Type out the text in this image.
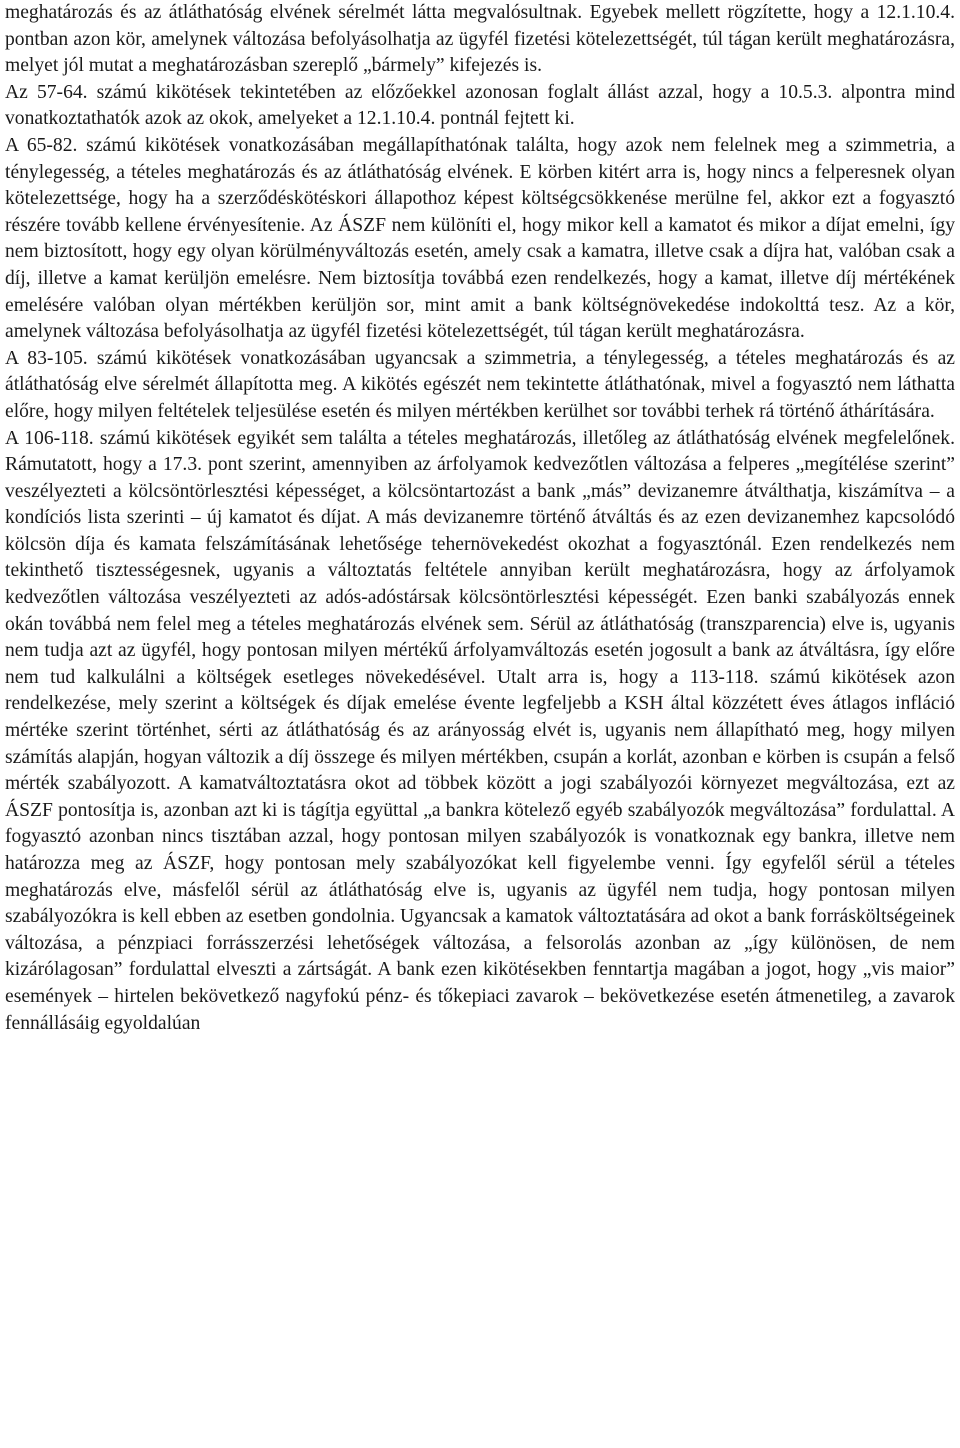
meghatározás és az átláthatóság elvének sérelmét látta megvalósultnak. Egyebek mellett rögzítette, hogy a 12.1.10.4. pontban azon kör, amelynek változása befolyásolhatja az ügyfél fizetési kötelezettségét, túl tágan került meghatározásra, melyet jól mutat a meghatározásban szereplő „bármely” kifejezés is.

Az 57-64. számú kikötések tekintetében az előzőekkel azonosan foglalt állást azzal, hogy a 10.5.3. alpontra mind vonatkoztathatók azok az okok, amelyeket a 12.1.10.4. pontnál fejtett ki.

A 65-82. számú kikötések vonatkozásában megállapíthatónak találta, hogy azok nem felelnek meg a szimmetria, a ténylegesség, a tételes meghatározás és az átláthatóság elvének. E körben kitért arra is, hogy nincs a felperesnek olyan kötelezettsége, hogy ha a szerződéskötéskori állapothoz képest költségcsökkenése merülne fel, akkor ezt a fogyasztó részére tovább kellene érvényesítenie. Az ÁSZF nem különíti el, hogy mikor kell a kamatot és mikor a díjat emelni, így nem biztosított, hogy egy olyan körülményváltozás esetén, amely csak a kamatra, illetve csak a díjra hat, valóban csak a díj, illetve a kamat kerüljön emelésre. Nem biztosítja továbbá ezen rendelkezés, hogy a kamat, illetve díj mértékének emelésére valóban olyan mértékben kerüljön sor, mint amit a bank költségnövekedése indokolttá tesz. Az a kör, amelynek változása befolyásolhatja az ügyfél fizetési kötelezettségét, túl tágan került meghatározásra.

A 83-105. számú kikötések vonatkozásában ugyancsak a szimmetria, a ténylegesség, a tételes meghatározás és az átláthatóság elve sérelmét állapította meg. A kikötés egészét nem tekintette átláthatónak, mivel a fogyasztó nem láthatta előre, hogy milyen feltételek teljesülése esetén és milyen mértékben kerülhet sor további terhek rá történő áthárítására.

A 106-118. számú kikötések egyikét sem találta a tételes meghatározás, illetőleg az átláthatóság elvének megfelelőnek. Rámutatott, hogy a 17.3. pont szerint, amennyiben az árfolyamok kedvezőtlen változása a felperes „megítélése szerint” veszélyezteti a kölcsöntörlesztési képességet, a kölcsöntartozást a bank „más” devizanemre átválthatja, kiszámítva – a kondíciós lista szerinti – új kamatot és díjat. A más devizanemre történő átváltás és az ezen devizanemhez kapcsolódó kölcsön díja és kamata felszámításának lehetősége tehernövekedést okozhat a fogyasztónál. Ezen rendelkezés nem tekinthető tisztességesnek, ugyanis a változtatás feltétele annyiban került meghatározásra, hogy az árfolyamok kedvezőtlen változása veszélyezteti az adós-adóstársak kölcsöntörlesztési képességét. Ezen banki szabályozás ennek okán továbbá nem felel meg a tételes meghatározás elvének sem. Sérül az átláthatóság (transzparencia) elve is, ugyanis nem tudja azt az ügyfél, hogy pontosan milyen mértékű árfolyamváltozás esetén jogosult a bank az átváltásra, így előre nem tud kalkulálni a költségek esetleges növekedésével. Utalt arra is, hogy a 113-118. számú kikötések azon rendelkezése, mely szerint a költségek és díjak emelése évente legfeljebb a KSH által közzétett éves átlagos infláció mértéke szerint történhet, sérti az átláthatóság és az arányosság elvét is, ugyanis nem állapítható meg, hogy milyen számítás alapján, hogyan változik a díj összege és milyen mértékben, csupán a korlát, azonban e körben is csupán a felső mérték szabályozott. A kamatváltoztatásra okot ad többek között a jogi szabályozói környezet megváltozása, ezt az ÁSZF pontosítja is, azonban azt ki is tágítja együttal „a bankra kötelező egyéb szabályozók megváltozása” fordulattal. A fogyasztó azonban nincs tisztában azzal, hogy pontosan milyen szabályozók is vonatkoznak egy bankra, illetve nem határozza meg az ÁSZF, hogy pontosan mely szabályozókat kell figyelembe venni. Így egyfelől sérül a tételes meghatározás elve, másfelől sérül az átláthatóság elve is, ugyanis az ügyfél nem tudja, hogy pontosan milyen szabályozókra is kell ebben az esetben gondolnia. Ugyancsak a kamatok változtatására ad okot a bank forrásköltségeinek változása, a pénzpiaci forrásszerzési lehetőségek változása, a felsorolás azonban az „így különösen, de nem kizárólagosan” fordulattal elveszti a zártságát. A bank ezen kikötésekben fenntartja magában a jogot, hogy „vis maior” események – hirtelen bekövetkező nagyfokú pénz- és tőkepiaci zavarok – bekövetkezése esetén átmenetileg, a zavarok fennállásáig egyoldalúan
